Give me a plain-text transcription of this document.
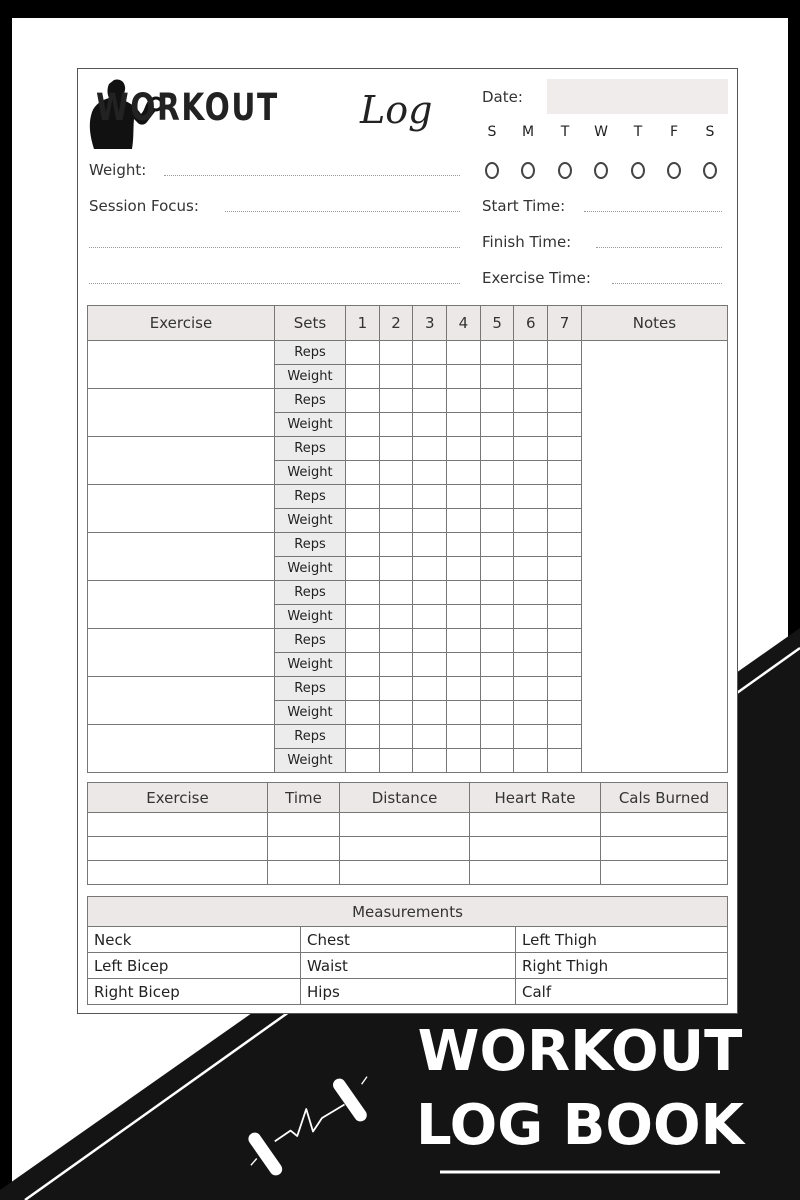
WORKOUT Log	Date:
S	M	T	W	T	F	S
Weight:
Session Focus:	Start Time:
Finish Time:
Exercise Time:
Exercise	Sets	1	2	3	4	5	6	7	Notes
	Reps								
	Weight								
	Reps								
	Weight								
	Reps								
	Weight								
	Reps								
	Weight								
	Reps								
	Weight								
	Reps								
	Weight								
	Reps								
	Weight								
	Reps								
	Weight								
	Reps								
	Weight								
Exercise	Time	Distance	Heart Rate	Cals Burned

Measurements		
Neck	Chest	Left Thigh
Left Bicep	Waist	Right Thigh
Right Bicep	Hips	Calf
WORKOUT
LOG BOOK
